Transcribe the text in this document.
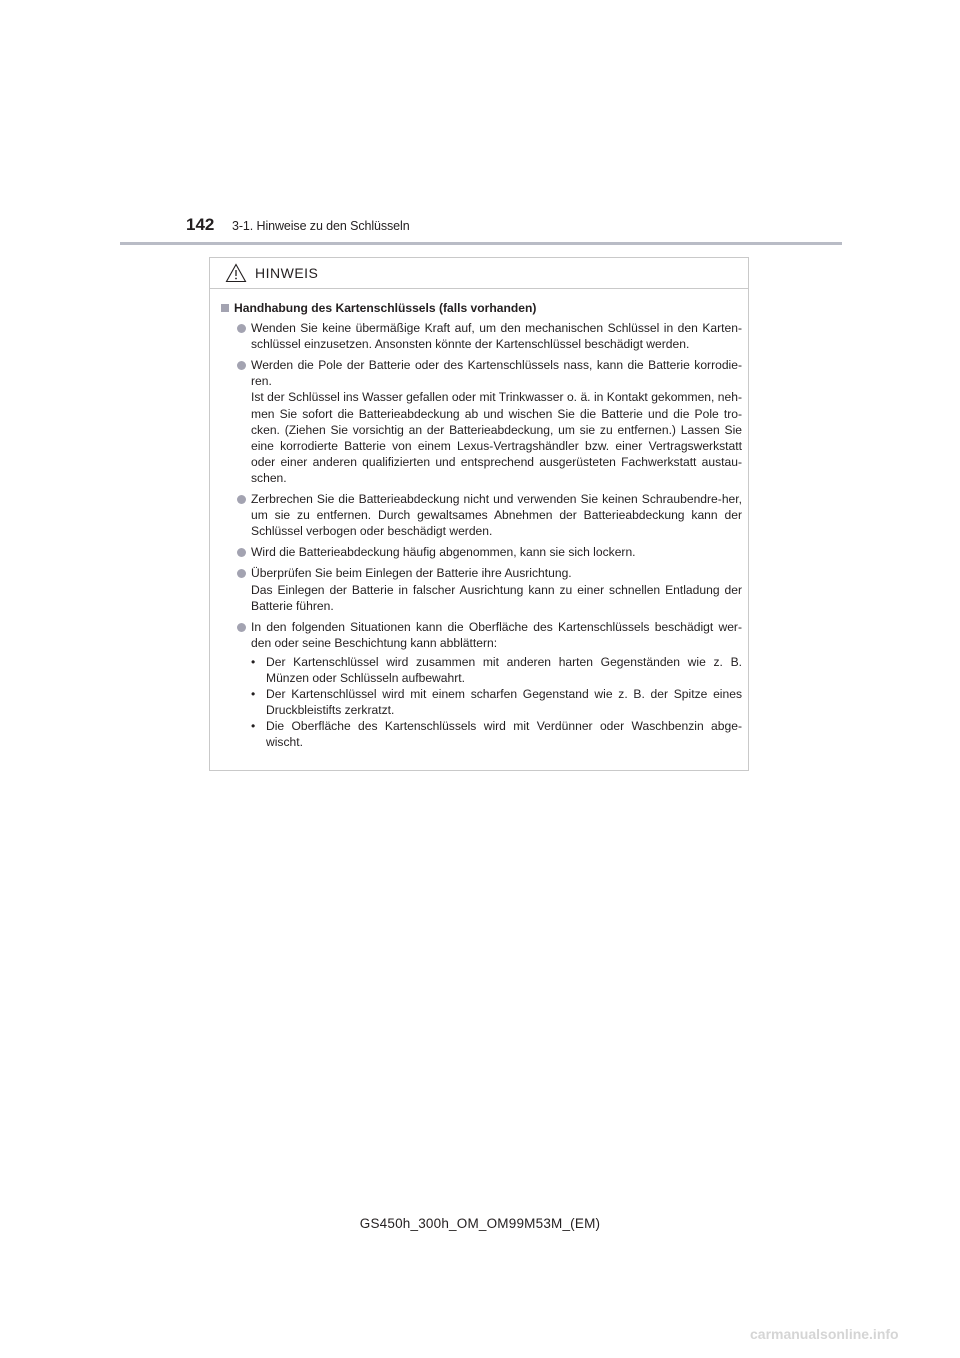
142	3-1. Hinweise zu den Schlüsseln
HINWEIS
Handhabung des Kartenschlüssels (falls vorhanden)
Wenden Sie keine übermäßige Kraft auf, um den mechanischen Schlüssel in den Karten-schlüssel einzusetzen. Ansonsten könnte der Kartenschlüssel beschädigt werden.
Werden die Pole der Batterie oder des Kartenschlüssels nass, kann die Batterie korrodie-ren.
Ist der Schlüssel ins Wasser gefallen oder mit Trinkwasser o. ä. in Kontakt gekommen, neh-men Sie sofort die Batterieabdeckung ab und wischen Sie die Batterie und die Pole tro-cken. (Ziehen Sie vorsichtig an der Batterieabdeckung, um sie zu entfernen.) Lassen Sie eine korrodierte Batterie von einem Lexus-Vertragshändler bzw. einer Vertragswerkstatt oder einer anderen qualifizierten und entsprechend ausgerüsteten Fachwerkstatt austau-schen.
Zerbrechen Sie die Batterieabdeckung nicht und verwenden Sie keinen Schraubendre-her, um sie zu entfernen. Durch gewaltsames Abnehmen der Batterieabdeckung kann der Schlüssel verbogen oder beschädigt werden.
Wird die Batterieabdeckung häufig abgenommen, kann sie sich lockern.
Überprüfen Sie beim Einlegen der Batterie ihre Ausrichtung.
Das Einlegen der Batterie in falscher Ausrichtung kann zu einer schnellen Entladung der Batterie führen.
In den folgenden Situationen kann die Oberfläche des Kartenschlüssels beschädigt wer-den oder seine Beschichtung kann abblättern:
• Der Kartenschlüssel wird zusammen mit anderen harten Gegenständen wie z. B. Münzen oder Schlüsseln aufbewahrt.
• Der Kartenschlüssel wird mit einem scharfen Gegenstand wie z. B. der Spitze eines Druckbleistifts zerkratzt.
• Die Oberfläche des Kartenschlüssels wird mit Verdünner oder Waschbenzin abge-wischt.
GS450h_300h_OM_OM99M53M_(EM)
carmanualsonline.info
